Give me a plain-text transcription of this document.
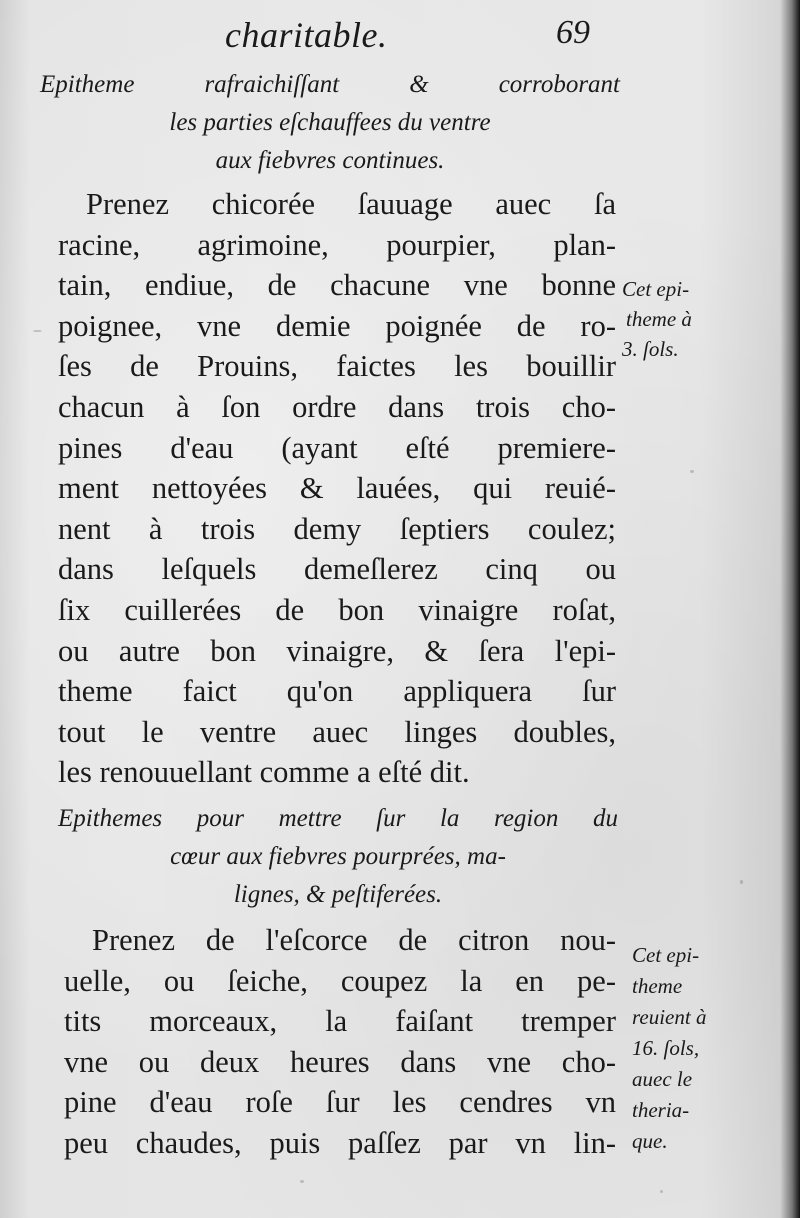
charitable.	69
Epitheme rafraichiſſant & corroborant
les parties eſchauffees du ventre
aux fiebvres continues.
Prenez chicorée ſauuage auec ſa
racine, agrimoine, pourpier, plan-
tain, endiue, de chacune vne bonne
poignee, vne demie poignée de ro-
ſes de Prouins, faictes les bouillir
chacun à ſon ordre dans trois cho-
pines d'eau (ayant eſté premiere-
ment nettoyées & lauées, qui reuié-
nent à trois demy ſeptiers coulez;
dans leſquels demeſlerez cinq ou
ſix cuillerées de bon vinaigre roſat,
ou autre bon vinaigre, & ſera l'epi-
theme faict qu'on appliquera ſur
tout le ventre auec linges doubles,
les renouuellant comme a eſté dit.
Cet epi-
theme à
3. ſols.
Epithemes pour mettre ſur la region du
cœur aux fiebvres pourprées, ma-
lignes, & peſtiferées.
Prenez de l'eſcorce de citron nou-
uelle, ou ſeiche, coupez la en pe-
tits morceaux, la faiſant tremper
vne ou deux heures dans vne cho-
pine d'eau roſe ſur les cendres vn
peu chaudes, puis paſſez par vn lin-
Cet epi-
theme
reuient à
16. ſols,
auec le
theria-
que.
